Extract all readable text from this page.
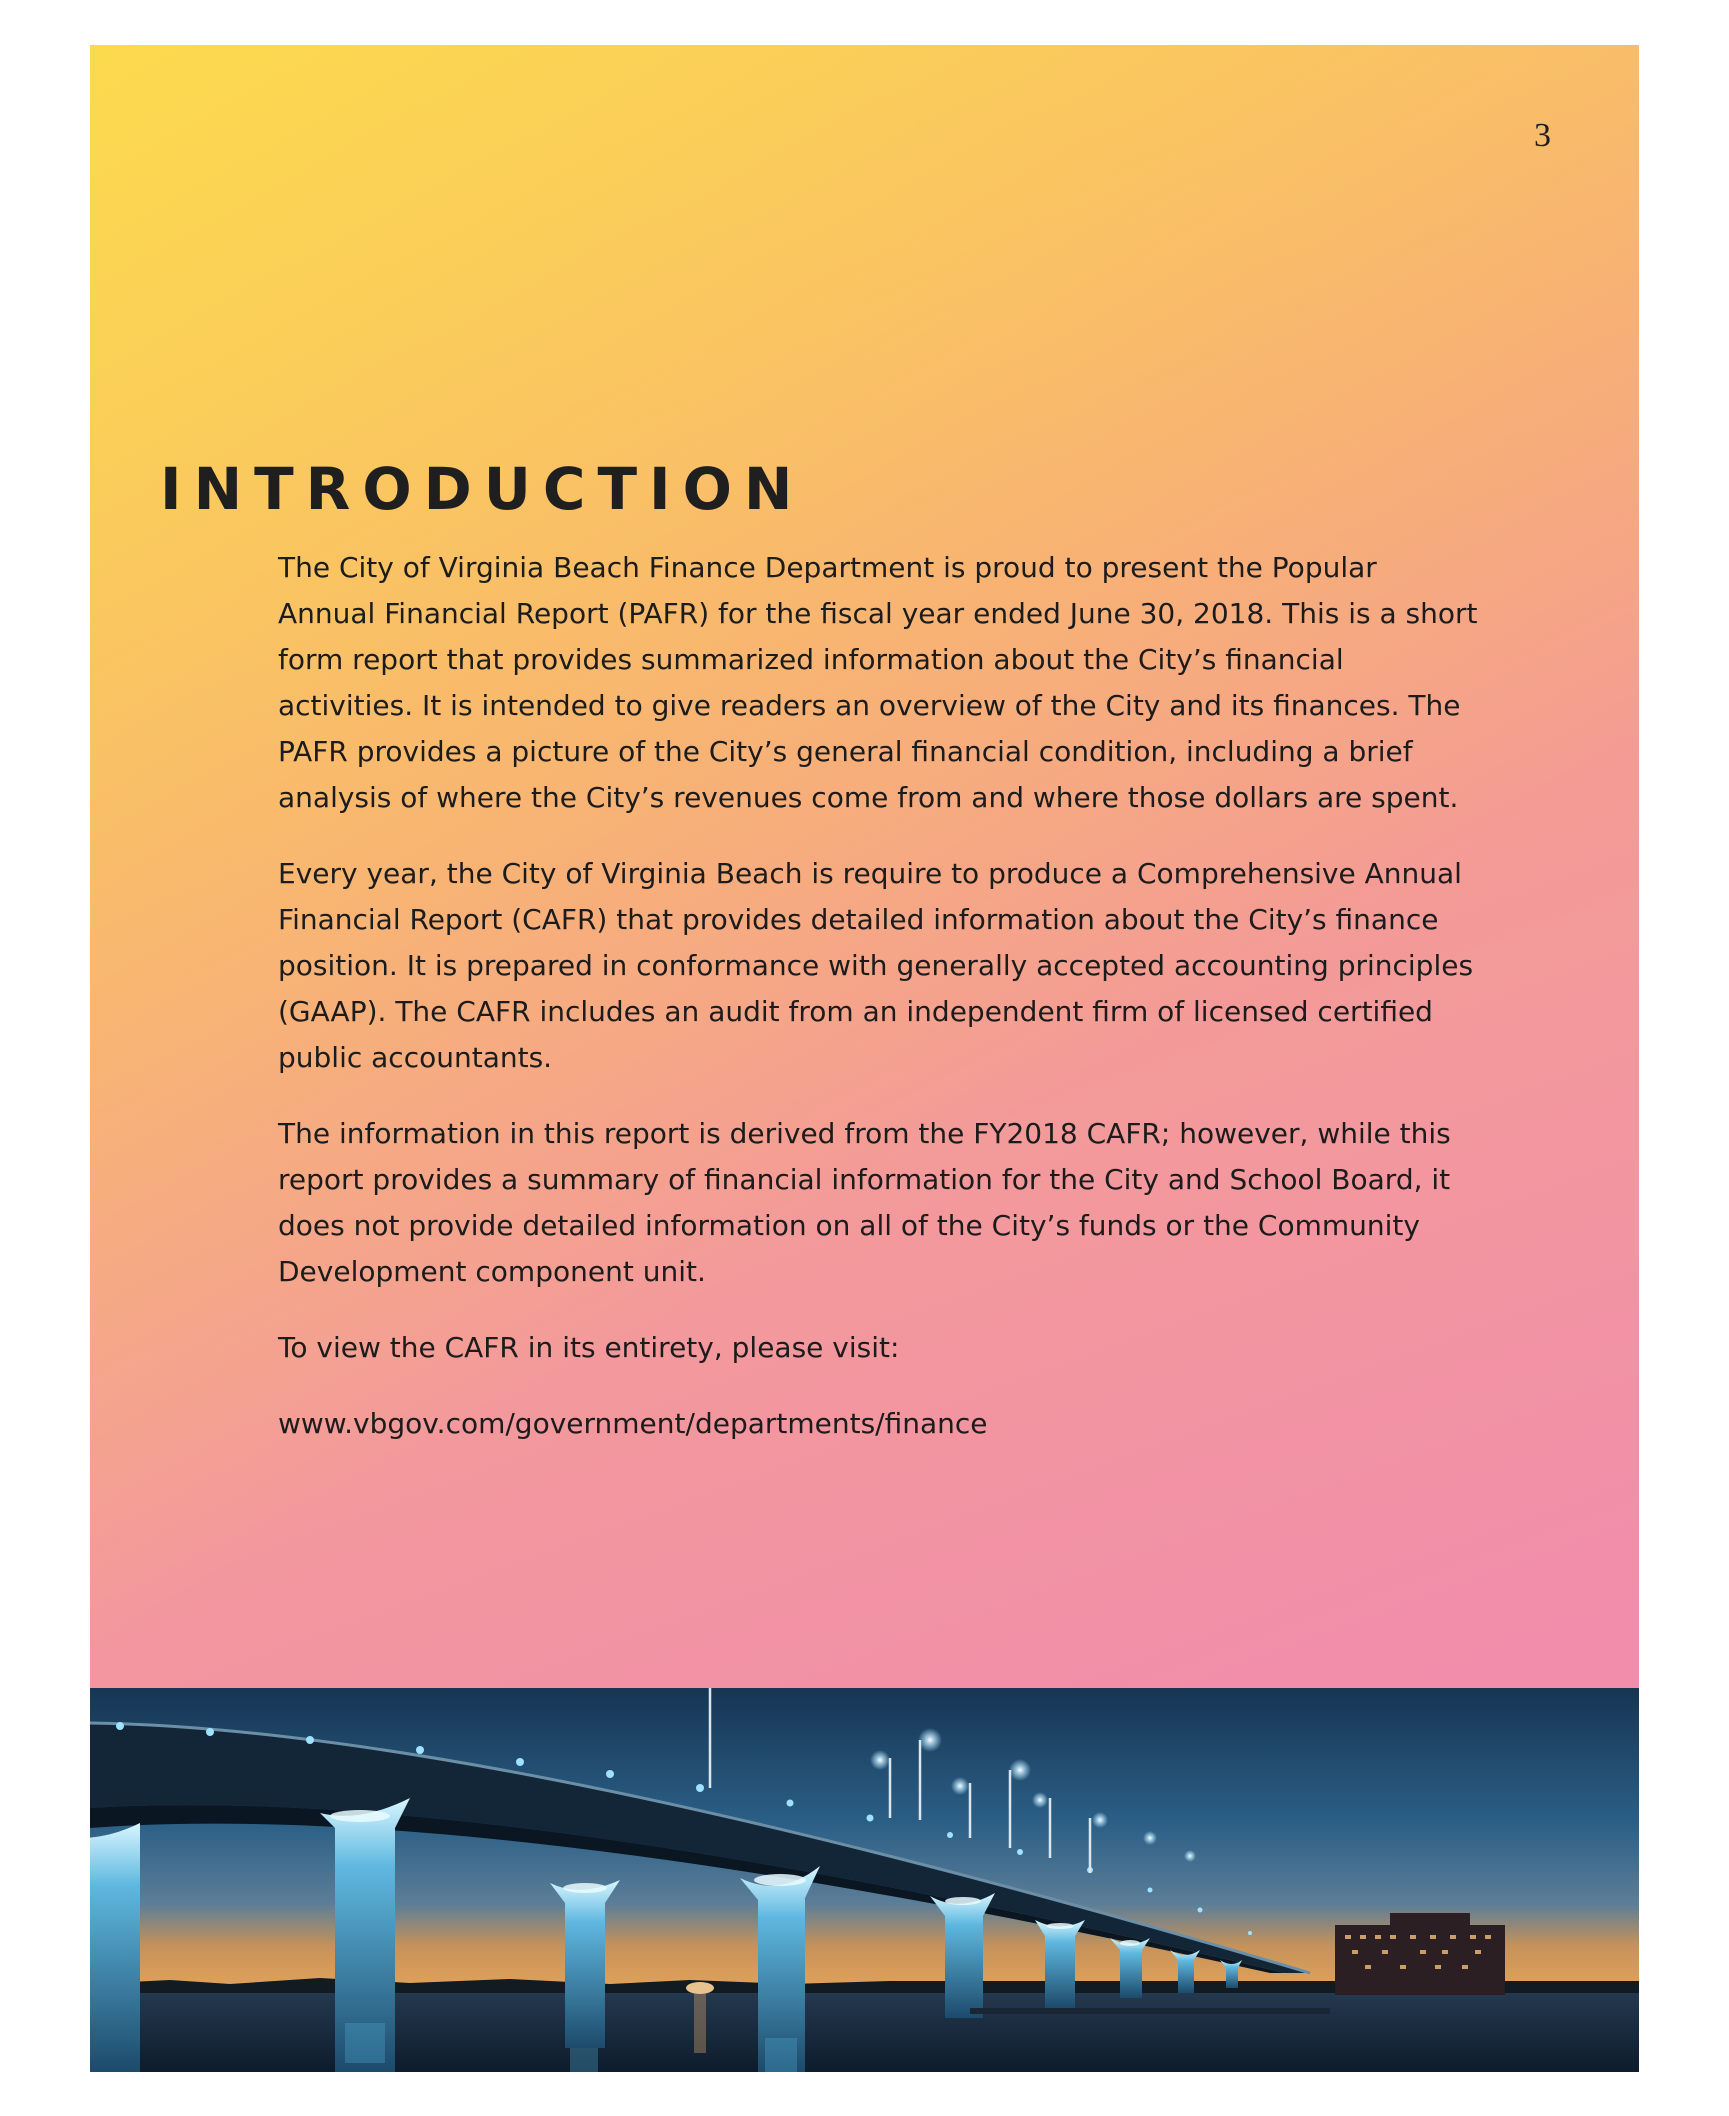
3
INTRODUCTION

The City of Virginia Beach Finance Department is proud to present the Popular Annual Financial Report (PAFR) for the fiscal year ended June 30, 2018. This is a short form report that provides summarized information about the City’s financial activities. It is intended to give readers an overview of the City and its finances. The PAFR provides a picture of the City’s general financial condition, including a brief analysis of where the City’s revenues come from and where those dollars are spent.

Every year, the City of Virginia Beach is require to produce a Comprehensive Annual Financial Report (CAFR) that provides detailed information about the City’s finance position. It is prepared in conformance with generally accepted accounting principles (GAAP). The CAFR includes an audit from an independent firm of licensed certified public accountants.

The information in this report is derived from the FY2018 CAFR; however, while this report provides a summary of financial information for the City and School Board, it does not provide detailed information on all of the City’s funds or the Community Development component unit.

To view the CAFR in its entirety, please visit:

www.vbgov.com/government/departments/finance
